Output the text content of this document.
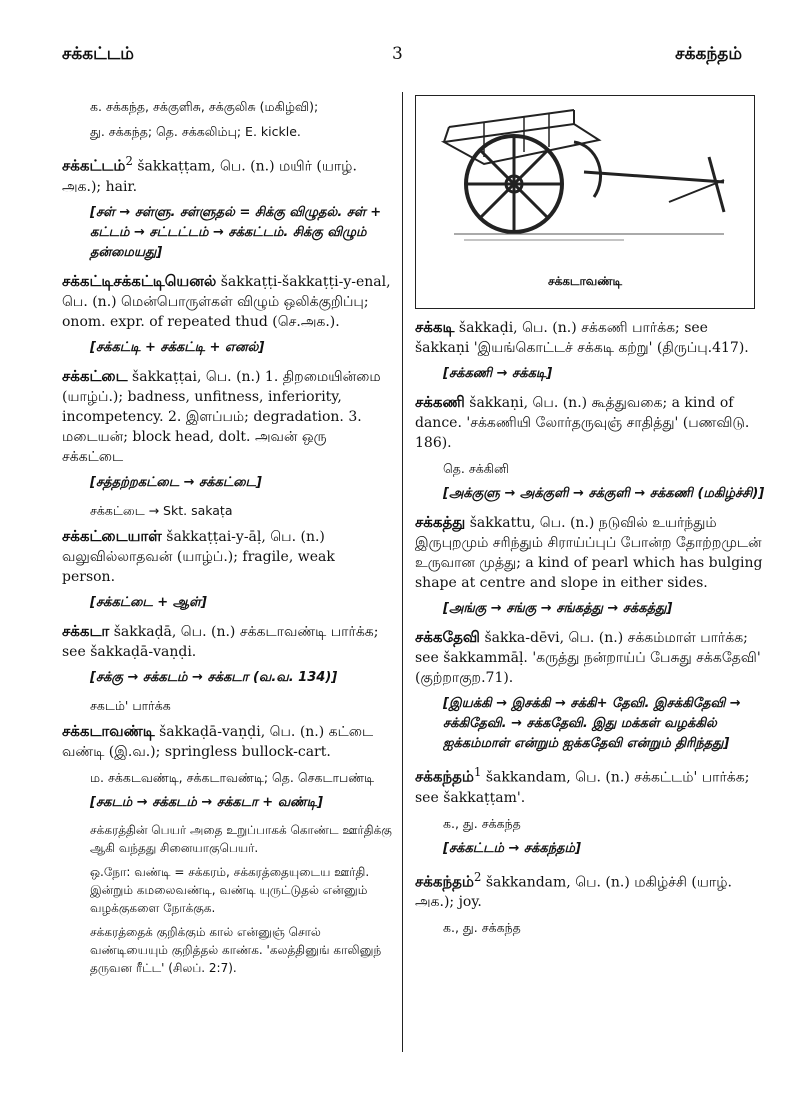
சக்கட்டம்	3	சக்கந்தம்

க. சக்கந்த, சக்குளிசு, சக்குலிசு (மகிழ்வி);

து. சக்கந்த; தெ. சக்கலிம்பு; E. kickle.

சக்கட்டம்$^2$ šakkaṭṭam, பெ. (n.) மயிர் (யாழ். அக.); hair.

[சள் → சள்ளு. சள்ளுதல் = சிக்கு விழுதல். சள் + கட்டம் → சட்டட்டம் → சக்கட்டம். சிக்கு விழும் தன்மையது]

சக்கட்டிசக்கட்டியெனல் šakkaṭṭi-šakkaṭṭi-y-enal, பெ. (n.) மென்பொருள்கள் விழும் ஒலிக்குறிப்பு; onom. expr. of repeated thud (செ.அக.).

[சக்கட்டி + சக்கட்டி + எனல்]

சக்கட்டை šakkaṭṭai, பெ. (n.) 1. திறமையின்மை (யாழ்ப்.); badness, unfitness, inferiority, incompetency. 2. இளப்பம்; degradation. 3. மடையன்; block head, dolt. அவன் ஒரு சக்கட்டை

[சத்தற்றகட்டை → சக்கட்டை]

சக்கட்டை → Skt. sakaṭa

சக்கட்டையாள் šakkaṭṭai-y-āḷ, பெ. (n.) வலுவில்லாதவன் (யாழ்ப்.); fragile, weak person.

[சக்கட்டை + ஆள்]

சக்கடா šakkaḍā, பெ. (n.) சக்கடாவண்டி பார்க்க; see šakkaḍā-vaṇḍi.

[சக்கு → சக்கடம் → சக்கடா (வ.வ. 134)]

சகடம்' பார்க்க

சக்கடாவண்டி šakkaḍā-vaṇḍi, பெ. (n.) கட்டை வண்டி (இ.வ.); springless bullock-cart.

ம. சக்கடவண்டி, சக்கடாவண்டி; தெ. செகடாபண்டி

[சகடம் → சக்கடம் → சக்கடா + வண்டி]

சக்கரத்தின் பெயர் அதை உறுப்பாகக் கொண்ட ஊர்திக்கு ஆகி வந்தது சினையாகுபெயர்.

ஒ.நோ: வண்டி = சக்கரம், சக்கரத்தையுடைய ஊர்தி. இன்றும் கமலைவண்டி, வண்டி யுருட்டுதல் என்னும் வழக்குகளை நோக்குக.

சக்கரத்தைக் குறிக்கும் கால் என்னுஞ் சொல் வண்டியையும் குறித்தல் காண்க. 'கலத்தினுங் காலினுந் தருவன ரீட்ட' (சிலப். 2:7).

சக்கடாவண்டி
சக்கடி šakkaḍi, பெ. (n.) சக்கணி பார்க்க; see šakkaṇi 'இயங்கொட்டச் சக்கடி கற்று' (திருப்பு.417).

[சக்கணி → சக்கடி]

சக்கணி šakkaṇi, பெ. (n.) கூத்துவகை; a kind of dance. 'சக்கணியி லோர்தருவுஞ் சாதித்து' (பணவிடு. 186).

தெ. சக்கினி

[அக்குளு → அக்குளி → சக்குளி → சக்கணி (மகிழ்ச்சி)]

சக்கத்து šakkattu, பெ. (n.) நடுவில் உயர்ந்தும் இருபுறமும் சரிந்தும் சிராய்ப்புப் போன்ற தோற்றமுடன் உருவான முத்து; a kind of pearl which has bulging shape at centre and slope in either sides.

[அங்கு → சங்கு → சங்கத்து → சக்கத்து]

சக்கதேவி šakka-dēvi, பெ. (n.) சக்கம்மாள் பார்க்க; see šakkammāḷ. 'கருத்து நன்றாய்ப் பேசுது சக்கதேவி' (குற்றாகுற.71).

[இயக்கி → இசக்கி → சக்கி+ தேவி. இசக்கிதேவி → சக்கிதேவி. → சக்கதேவி. இது மக்கள் வழக்கில் ஐக்கம்மாள் என்றும் ஐக்கதேவி என்றும் திரிந்தது]

சக்கந்தம்$^1$ šakkandam, பெ. (n.) சக்கட்டம்' பார்க்க; see šakkaṭṭam'.

க., து. சக்கந்த

[சக்கட்டம் → சக்கந்தம்]

சக்கந்தம்$^2$ šakkandam, பெ. (n.) மகிழ்ச்சி (யாழ். அக.); joy.

க., து. சக்கந்த
